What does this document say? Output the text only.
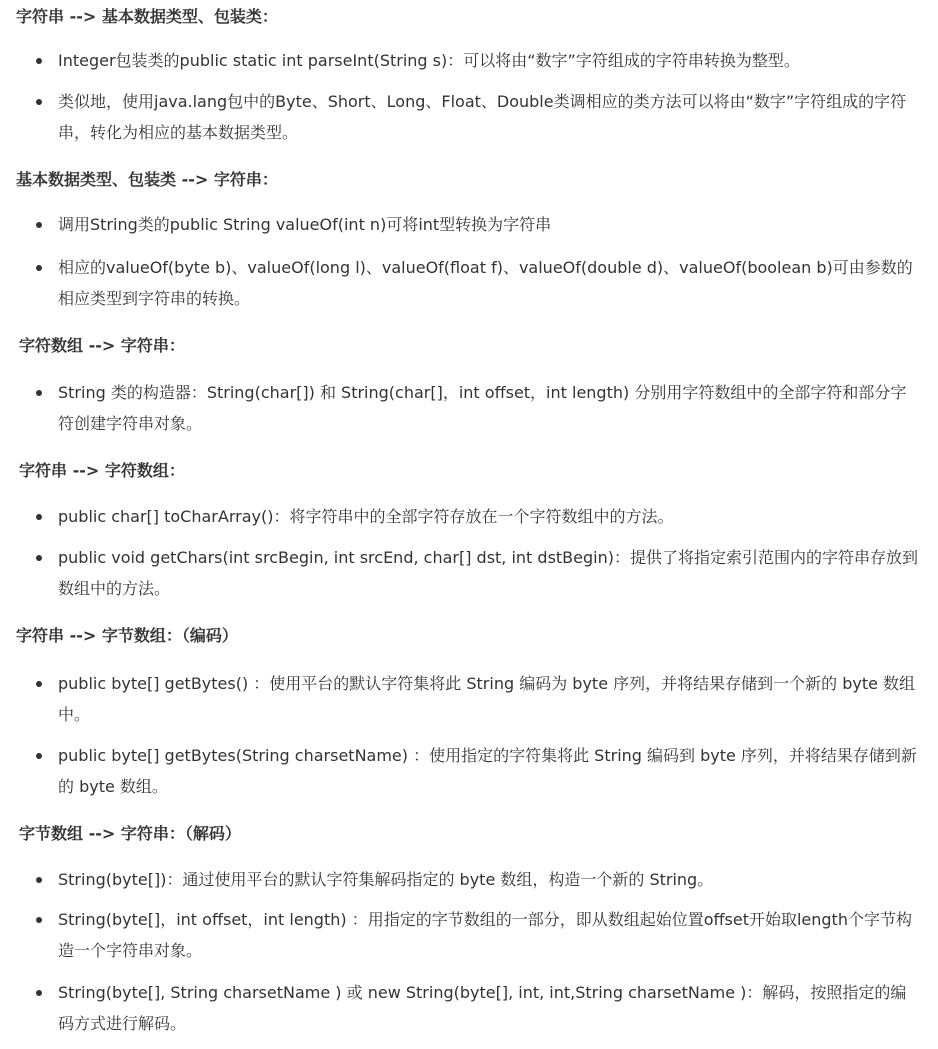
字符串 --> 基本数据类型、包装类：
Integer包装类的public static int parseInt(String s)：可以将由“数字”字符组成的字符串转换为整型。
类似地，使用java.lang包中的Byte、Short、Long、Float、Double类调相应的类方法可以将由“数字”字符组成的字符串，转化为相应的基本数据类型。
基本数据类型、包装类 --> 字符串：
调用String类的public String valueOf(int n)可将int型转换为字符串
相应的valueOf(byte b)、valueOf(long l)、valueOf(float f)、valueOf(double d)、valueOf(boolean b)可由参数的相应类型到字符串的转换。
字符数组 --> 字符串：
String 类的构造器：String(char[]) 和 String(char[]，int offset，int length) 分别用字符数组中的全部字符和部分字符创建字符串对象。
字符串 --> 字符数组：
public char[] toCharArray()：将字符串中的全部字符存放在一个字符数组中的方法。
public void getChars(int srcBegin, int srcEnd, char[] dst, int dstBegin)：提供了将指定索引范围内的字符串存放到数组中的方法。
字符串 --> 字节数组：（编码）
public byte[] getBytes() ：使用平台的默认字符集将此 String 编码为 byte 序列，并将结果存储到一个新的 byte 数组中。
public byte[] getBytes(String charsetName) ：使用指定的字符集将此 String 编码到 byte 序列，并将结果存储到新的 byte 数组。
字节数组 --> 字符串：（解码）
String(byte[])：通过使用平台的默认字符集解码指定的 byte 数组，构造一个新的 String。
String(byte[]，int offset，int length) ：用指定的字节数组的一部分，即从数组起始位置offset开始取length个字节构造一个字符串对象。
String(byte[], String charsetName ) 或 new String(byte[], int, int,String charsetName )：解码，按照指定的编码方式进行解码。
